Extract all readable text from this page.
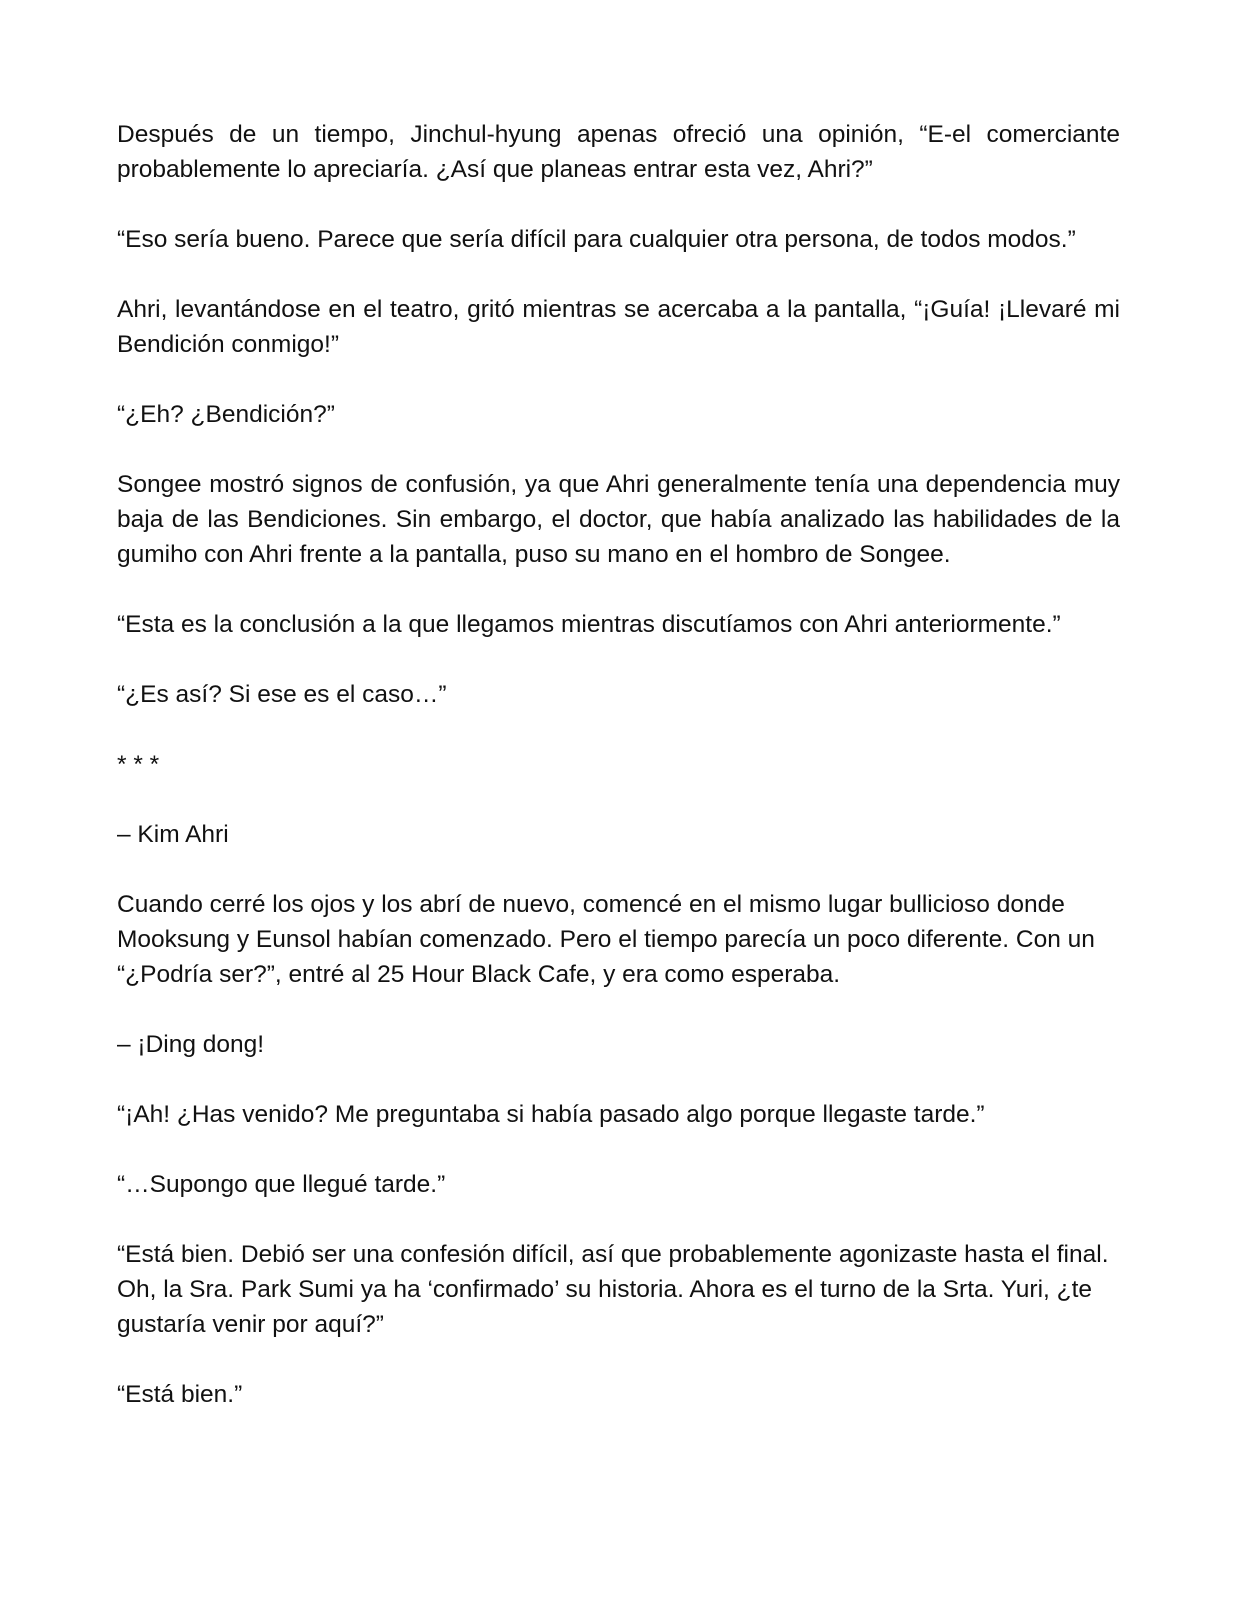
Después de un tiempo, Jinchul-hyung apenas ofreció una opinión, “E-el comerciante probablemente lo apreciaría. ¿Así que planeas entrar esta vez, Ahri?”

“Eso sería bueno. Parece que sería difícil para cualquier otra persona, de todos modos.”

Ahri, levantándose en el teatro, gritó mientras se acercaba a la pantalla, “¡Guía! ¡Llevaré mi Bendición conmigo!”

“¿Eh? ¿Bendición?”

Songee mostró signos de confusión, ya que Ahri generalmente tenía una dependencia muy baja de las Bendiciones. Sin embargo, el doctor, que había analizado las habilidades de la gumiho con Ahri frente a la pantalla, puso su mano en el hombro de Songee.

“Esta es la conclusión a la que llegamos mientras discutíamos con Ahri anteriormente.”

“¿Es así? Si ese es el caso…”

* * *

– Kim Ahri

Cuando cerré los ojos y los abrí de nuevo, comencé en el mismo lugar bullicioso donde Mooksung y Eunsol habían comenzado. Pero el tiempo parecía un poco diferente. Con un “¿Podría ser?”, entré al 25 Hour Black Cafe, y era como esperaba.

– ¡Ding dong!

“¡Ah! ¿Has venido? Me preguntaba si había pasado algo porque llegaste tarde.”

“…Supongo que llegué tarde.”

“Está bien. Debió ser una confesión difícil, así que probablemente agonizaste hasta el final. Oh, la Sra. Park Sumi ya ha ‘confirmado’ su historia. Ahora es el turno de la Srta. Yuri, ¿te gustaría venir por aquí?”

“Está bien.”
